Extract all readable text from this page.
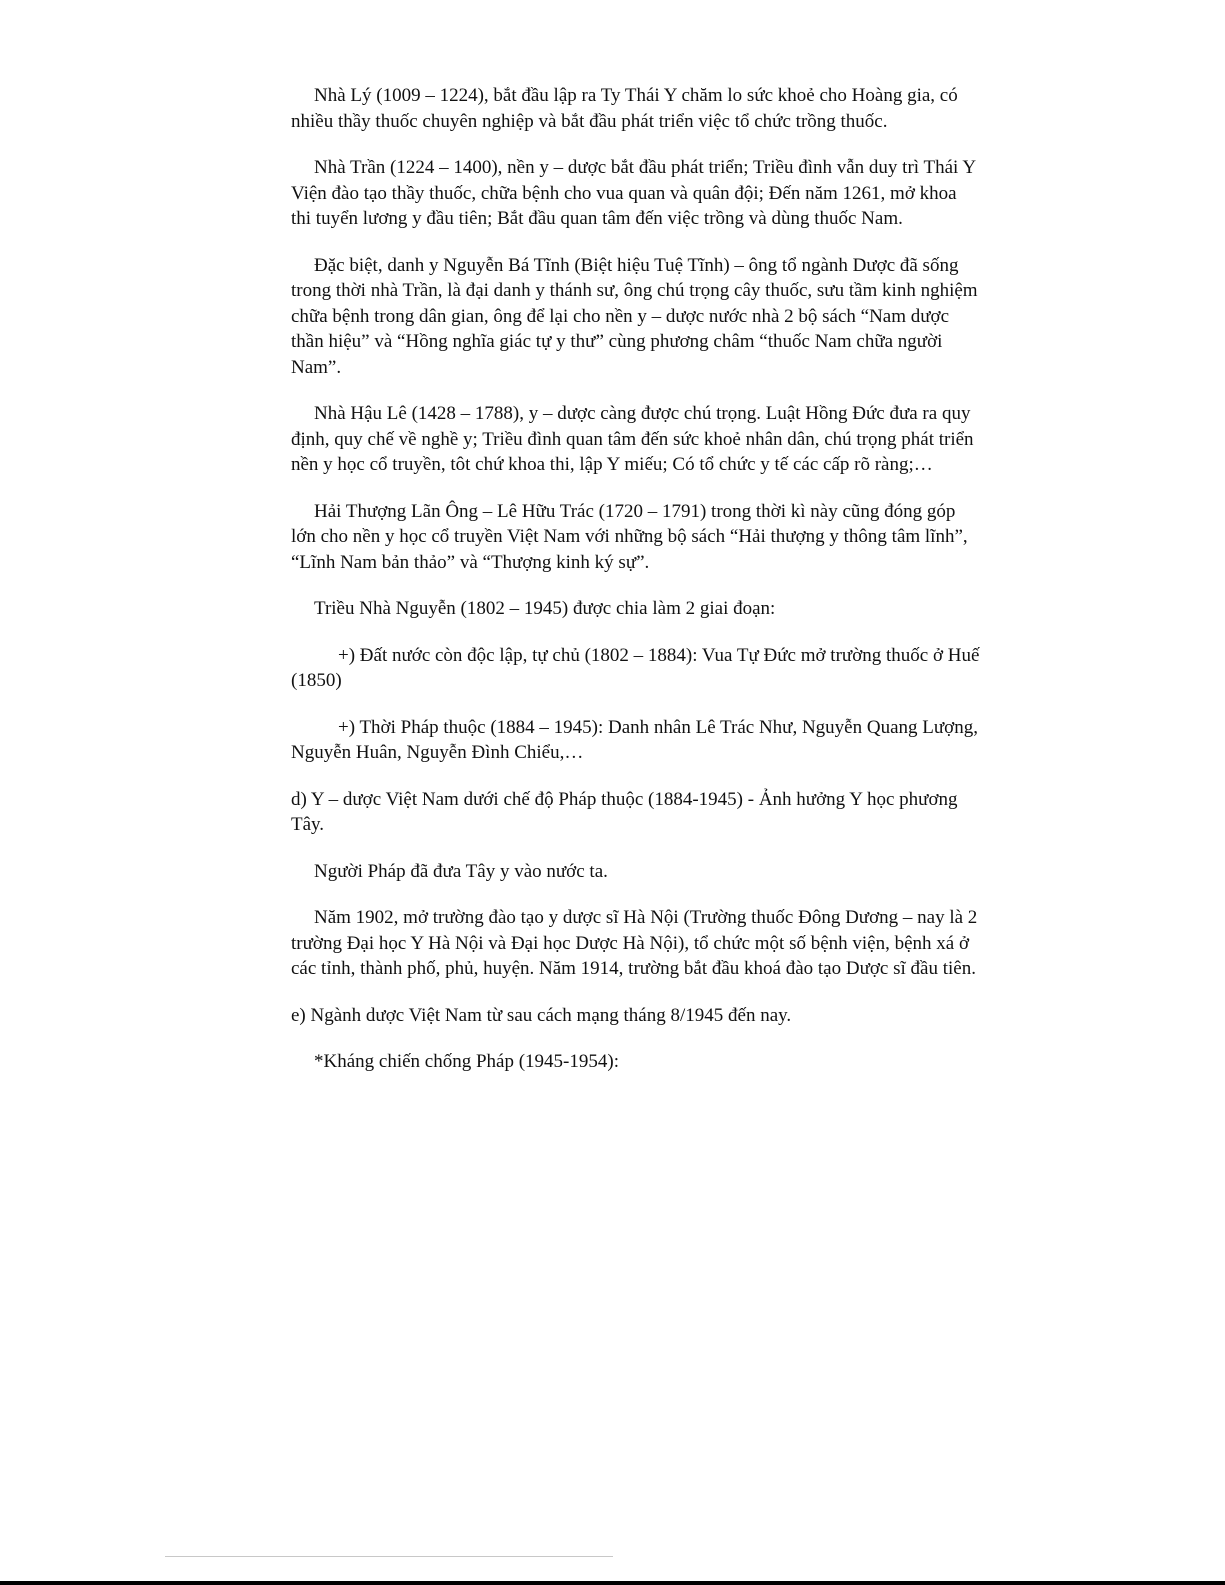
Nhà Lý (1009 – 1224), bắt đầu lập ra Ty Thái Y chăm lo sức khoẻ cho Hoàng gia, có nhiều thầy thuốc chuyên nghiệp và bắt đầu phát triển việc tổ chức trồng thuốc.

Nhà Trần (1224 – 1400), nền y – dược bắt đầu phát triển; Triều đình vẫn duy trì Thái Y Viện đào tạo thầy thuốc, chữa bệnh cho vua quan và quân đội; Đến năm 1261, mở khoa thi tuyển lương y đầu tiên; Bắt đầu quan tâm đến việc trồng và dùng thuốc Nam.

Đặc biệt, danh y Nguyễn Bá Tĩnh (Biệt hiệu Tuệ Tĩnh) – ông tổ ngành Dược đã sống trong thời nhà Trần, là đại danh y thánh sư, ông chú trọng cây thuốc, sưu tầm kinh nghiệm chữa bệnh trong dân gian, ông để lại cho nền y – dược nước nhà 2 bộ sách “Nam dược thần hiệu” và “Hồng nghĩa giác tự y thư” cùng phương châm “thuốc Nam chữa người Nam”.

Nhà Hậu Lê (1428 – 1788), y – dược càng được chú trọng. Luật Hồng Đức đưa ra quy định, quy chế về nghề y; Triều đình quan tâm đến sức khoẻ nhân dân, chú trọng phát triển nền y học cổ truyền, tôt chứ khoa thi, lập Y miếu; Có tổ chức y tế các cấp rõ ràng;…

Hải Thượng Lãn Ông – Lê Hữu Trác (1720 – 1791) trong thời kì này cũng đóng góp lớn cho nền y học cổ truyền Việt Nam với những bộ sách “Hải thượng y thông tâm lĩnh”, “Lĩnh Nam bản thảo” và “Thượng kinh ký sự”.

Triều Nhà Nguyễn (1802 – 1945) được chia làm 2 giai đoạn:

+) Đất nước còn độc lập, tự chủ (1802 – 1884): Vua Tự Đức mở trường thuốc ở Huế (1850)

+) Thời Pháp thuộc (1884 – 1945): Danh nhân Lê Trác Như, Nguyễn Quang Lượng, Nguyễn Huân, Nguyễn Đình Chiểu,…

d) Y – dược Việt Nam dưới chế độ Pháp thuộc (1884-1945) - Ảnh hưởng Y học phương Tây.

Người Pháp đã đưa Tây y vào nước ta.

Năm 1902, mở trường đào tạo y dược sĩ Hà Nội (Trường thuốc Đông Dương – nay là 2 trường Đại học Y Hà Nội và Đại học Dược Hà Nội), tổ chức một số bệnh viện, bệnh xá ở các tỉnh, thành phố, phủ, huyện. Năm 1914, trường bắt đầu khoá đào tạo Dược sĩ đầu tiên.

e) Ngành dược Việt Nam từ sau cách mạng tháng 8/1945 đến nay.

*Kháng chiến chống Pháp (1945-1954):
